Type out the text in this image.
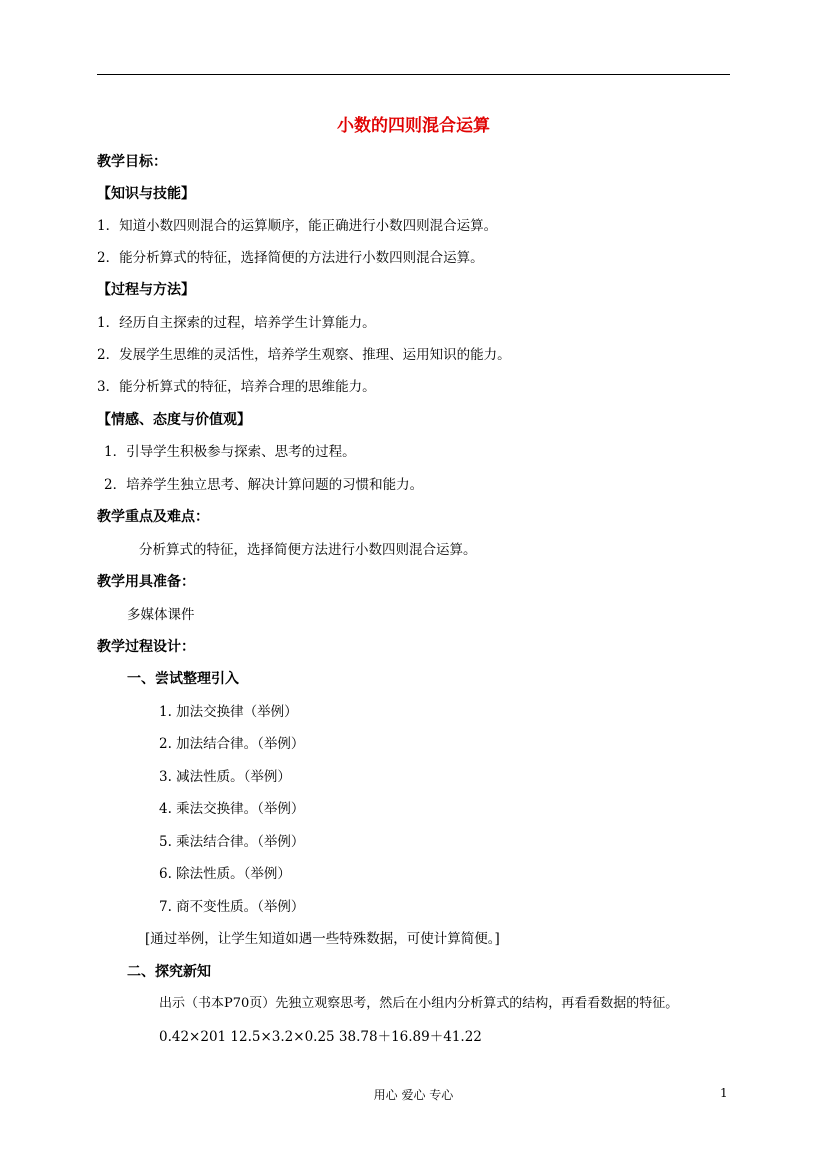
小数的四则混合运算
教学目标：
【知识与技能】
1．知道小数四则混合的运算顺序，能正确进行小数四则混合运算。
2．能分析算式的特征，选择简便的方法进行小数四则混合运算。
【过程与方法】
1．经历自主探索的过程，培养学生计算能力。
2．发展学生思维的灵活性，培养学生观察、推理、运用知识的能力。
3．能分析算式的特征，培养合理的思维能力。
【情感、态度与价值观】
1．引导学生积极参与探索、思考的过程。
2．培养学生独立思考、解决计算问题的习惯和能力。
教学重点及难点：
分析算式的特征，选择简便方法进行小数四则混合运算。
教学用具准备：
多媒体课件
教学过程设计：
一、尝试整理引入
1. 加法交换律（举例）
2. 加法结合律。（举例）
3. 减法性质。（举例）
4. 乘法交换律。（举例）
5. 乘法结合律。（举例）
6. 除法性质。（举例）
7. 商不变性质。（举例）
[通过举例，让学生知道如遇一些特殊数据，可使计算简便。]
二、探究新知
出示（书本P70页）先独立观察思考，然后在小组内分析算式的结构，再看看数据的特征。
0.42×201 12.5×3.2×0.25 38.78＋16.89＋41.22
用心 爱心 专心	1
